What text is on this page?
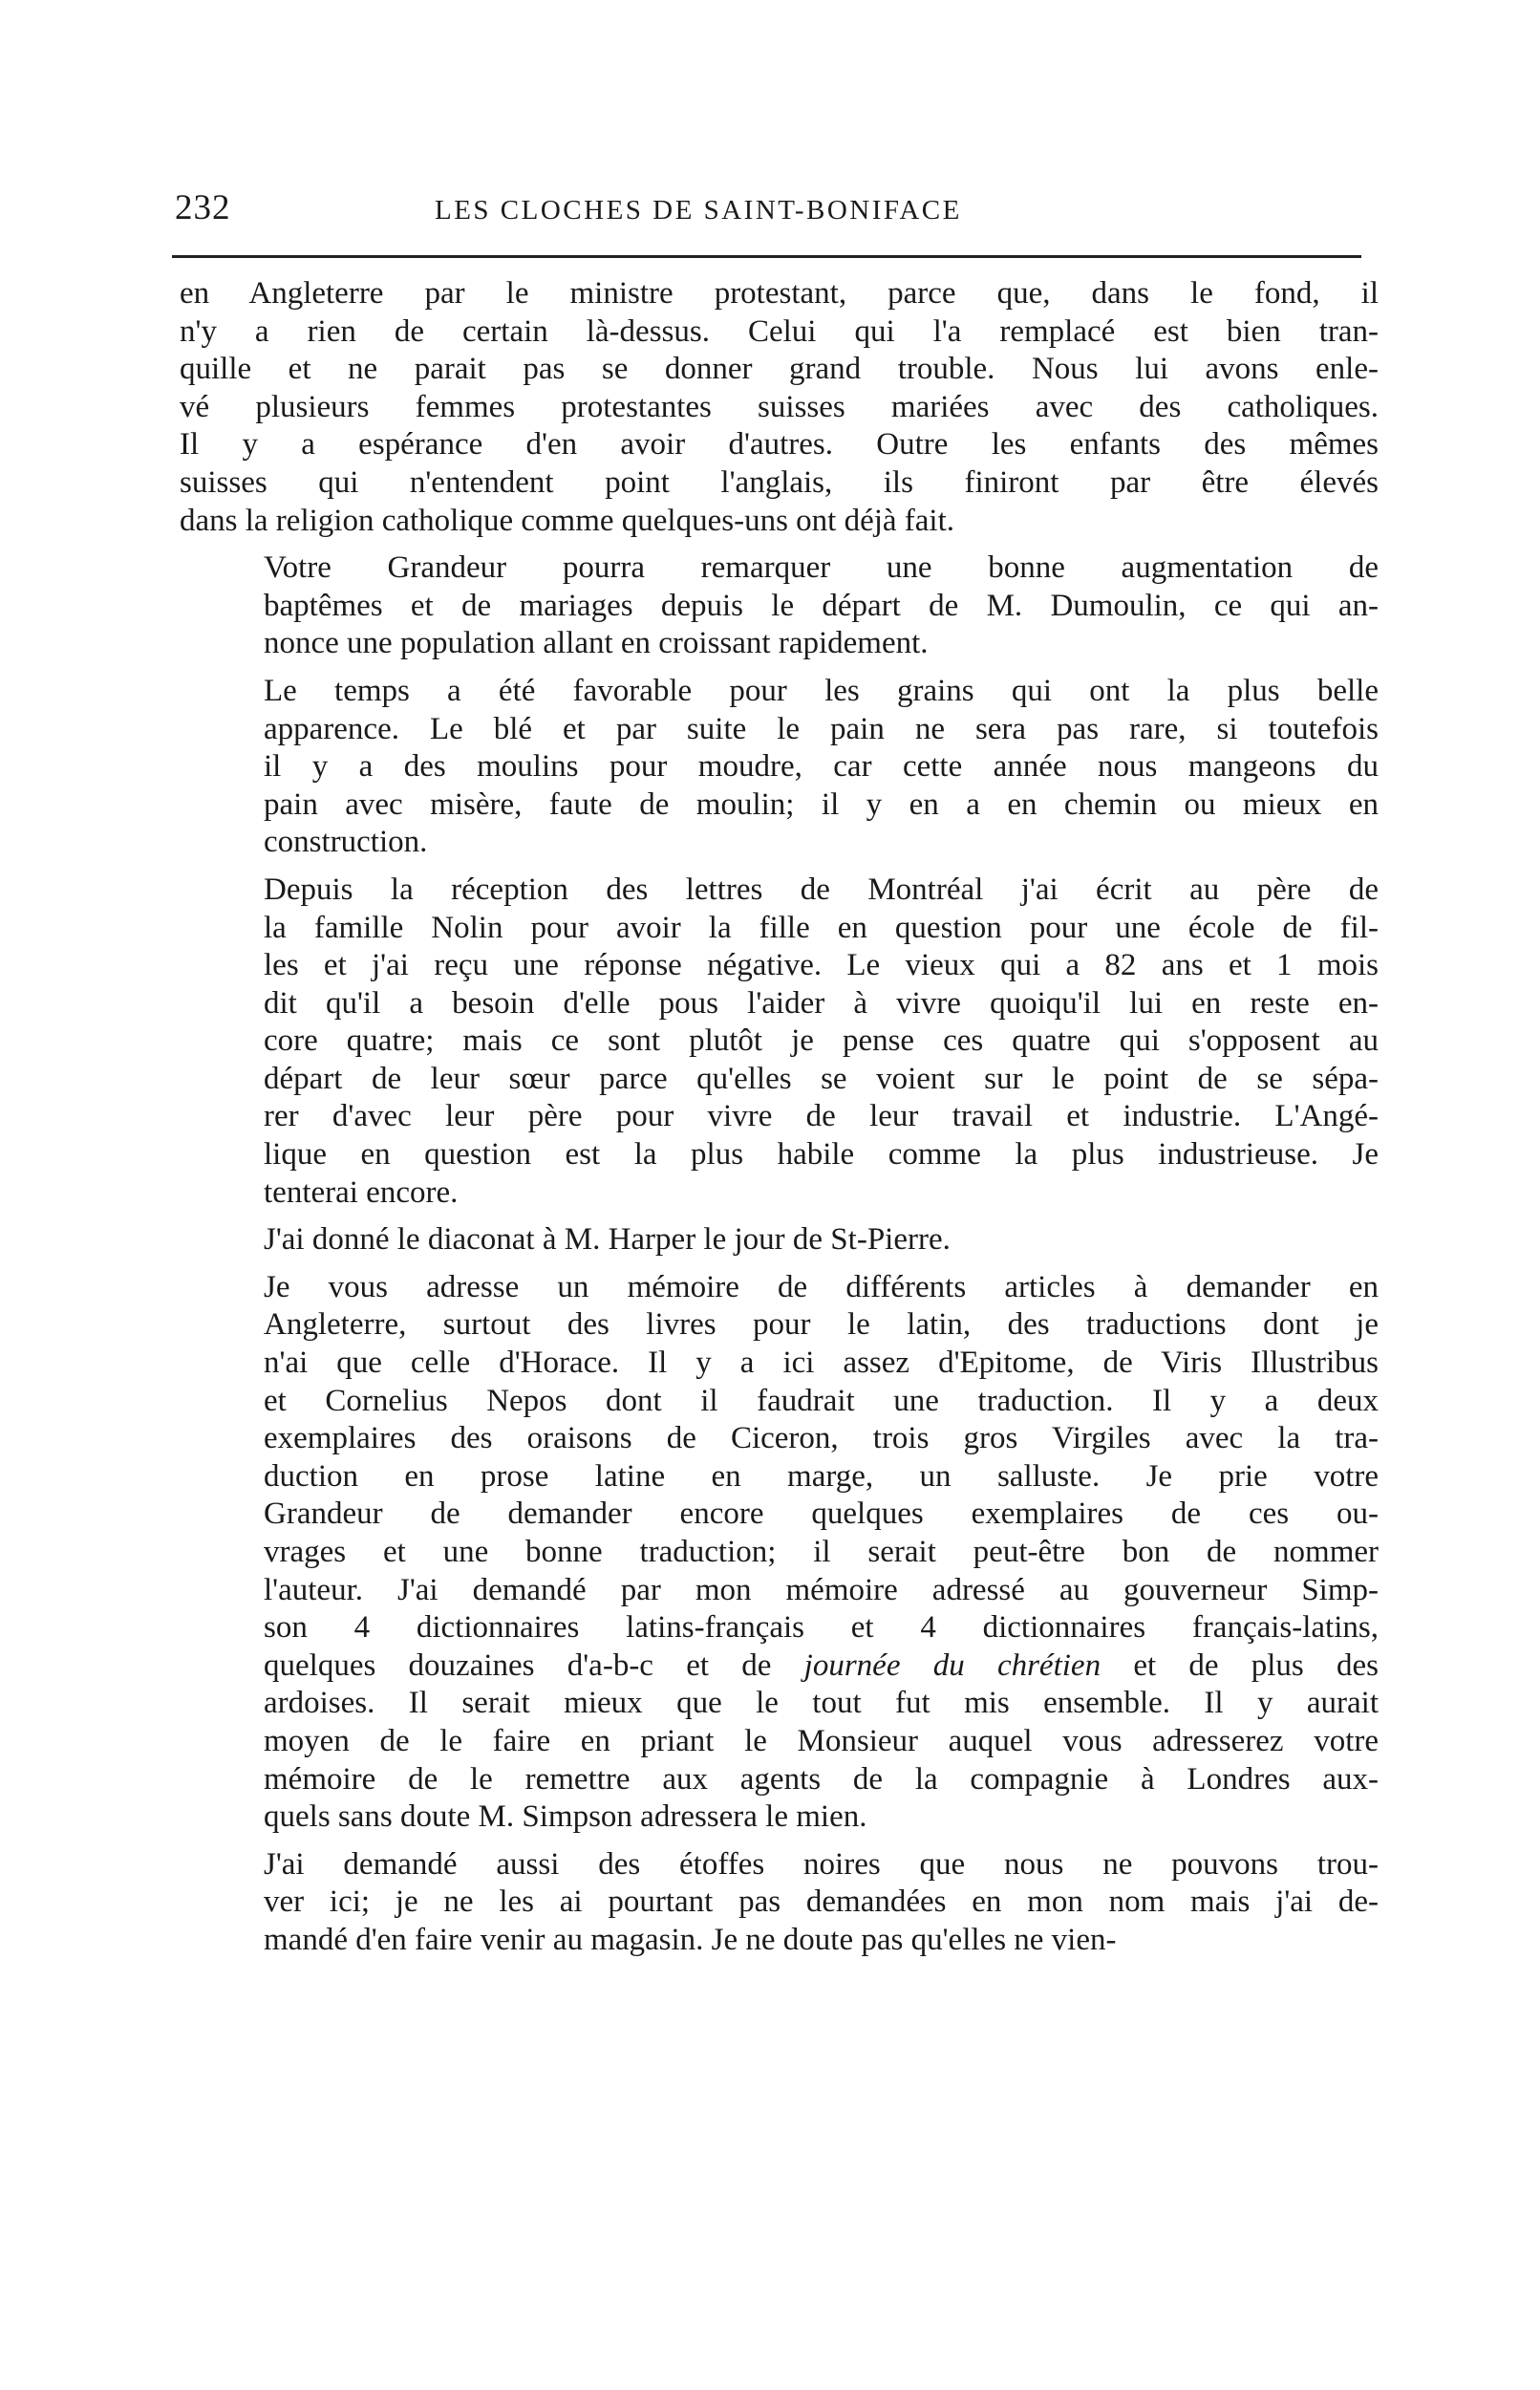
232	LES CLOCHES DE SAINT-BONIFACE

en Angleterre par le ministre protestant, parce que, dans le fond, il
n'y a rien de certain là-dessus. Celui qui l'a remplacé est bien tran-
quille et ne parait pas se donner grand trouble. Nous lui avons enle-
vé plusieurs femmes protestantes suisses mariées avec des catholiques.
Il y a espérance d'en avoir d'autres. Outre les enfants des mêmes
suisses qui n'entendent point l'anglais, ils finiront par être élevés
dans la religion catholique comme quelques-uns ont déjà fait.

Votre Grandeur pourra remarquer une bonne augmentation de
baptêmes et de mariages depuis le départ de M. Dumoulin, ce qui an-
nonce une population allant en croissant rapidement.

Le temps a été favorable pour les grains qui ont la plus belle
apparence. Le blé et par suite le pain ne sera pas rare, si toutefois
il y a des moulins pour moudre, car cette année nous mangeons du
pain avec misère, faute de moulin; il y en a en chemin ou mieux en
construction.

Depuis la réception des lettres de Montréal j'ai écrit au père de
la famille Nolin pour avoir la fille en question pour une école de fil-
les et j'ai reçu une réponse négative. Le vieux qui a 82 ans et 1 mois
dit qu'il a besoin d'elle pous l'aider à vivre quoiqu'il lui en reste en-
core quatre; mais ce sont plutôt je pense ces quatre qui s'opposent au
départ de leur sœur parce qu'elles se voient sur le point de se sépa-
rer d'avec leur père pour vivre de leur travail et industrie. L'Angé-
lique en question est la plus habile comme la plus industrieuse. Je
tenterai encore.

J'ai donné le diaconat à M. Harper le jour de St-Pierre.

Je vous adresse un mémoire de différents articles à demander en
Angleterre, surtout des livres pour le latin, des traductions dont je
n'ai que celle d'Horace. Il y a ici assez d'Epitome, de Viris Illustribus
et Cornelius Nepos dont il faudrait une traduction. Il y a deux
exemplaires des oraisons de Ciceron, trois gros Virgiles avec la tra-
duction en prose latine en marge, un salluste. Je prie votre
Grandeur de demander encore quelques exemplaires de ces ou-
vrages et une bonne traduction; il serait peut-être bon de nommer
l'auteur. J'ai demandé par mon mémoire adressé au gouverneur Simp-
son 4 dictionnaires latins-français et 4 dictionnaires français-latins,
quelques douzaines d'a-b-c et de journée du chrétien et de plus des
ardoises. Il serait mieux que le tout fut mis ensemble. Il y aurait
moyen de le faire en priant le Monsieur auquel vous adresserez votre
mémoire de le remettre aux agents de la compagnie à Londres aux-
quels sans doute M. Simpson adressera le mien.

J'ai demandé aussi des étoffes noires que nous ne pouvons trou-
ver ici; je ne les ai pourtant pas demandées en mon nom mais j'ai de-
mandé d'en faire venir au magasin. Je ne doute pas qu'elles ne vien-
